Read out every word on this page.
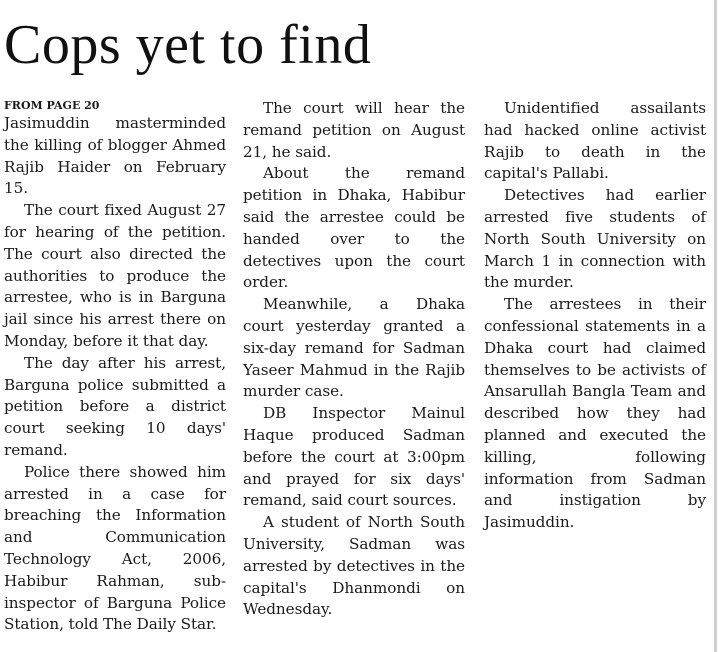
Cops yet to find
FROM PAGE 20

Jasimuddin masterminded the killing of blogger Ahmed Rajib Haider on February 15.

The court fixed August 27 for hearing of the petition. The court also directed the authorities to produce the arrestee, who is in Barguna jail since his arrest there on Monday, before it that day.

The day after his arrest, Barguna police submitted a petition before a district court seeking 10 days' remand.

Police there showed him arrested in a case for breaching the Information and Communication Technology Act, 2006, Habibur Rahman, sub-inspector of Barguna Police Station, told The Daily Star.

The court will hear the remand petition on August 21, he said.

About the remand petition in Dhaka, Habibur said the arrestee could be handed over to the detectives upon the court order.

Meanwhile, a Dhaka court yesterday granted a six-day remand for Sadman Yaseer Mahmud in the Rajib murder case.

DB Inspector Mainul Haque produced Sadman before the court at 3:00pm and prayed for six days' remand, said court sources.

A student of North South University, Sadman was arrested by detectives in the capital's Dhanmondi on Wednesday.

Unidentified assailants had hacked online activist Rajib to death in the capital's Pallabi.

Detectives had earlier arrested five students of North South University on March 1 in connection with the murder.

The arrestees in their confessional statements in a Dhaka court had claimed themselves to be activists of Ansarullah Bangla Team and described how they had planned and executed the killing, following information from Sadman and instigation by Jasimuddin.
